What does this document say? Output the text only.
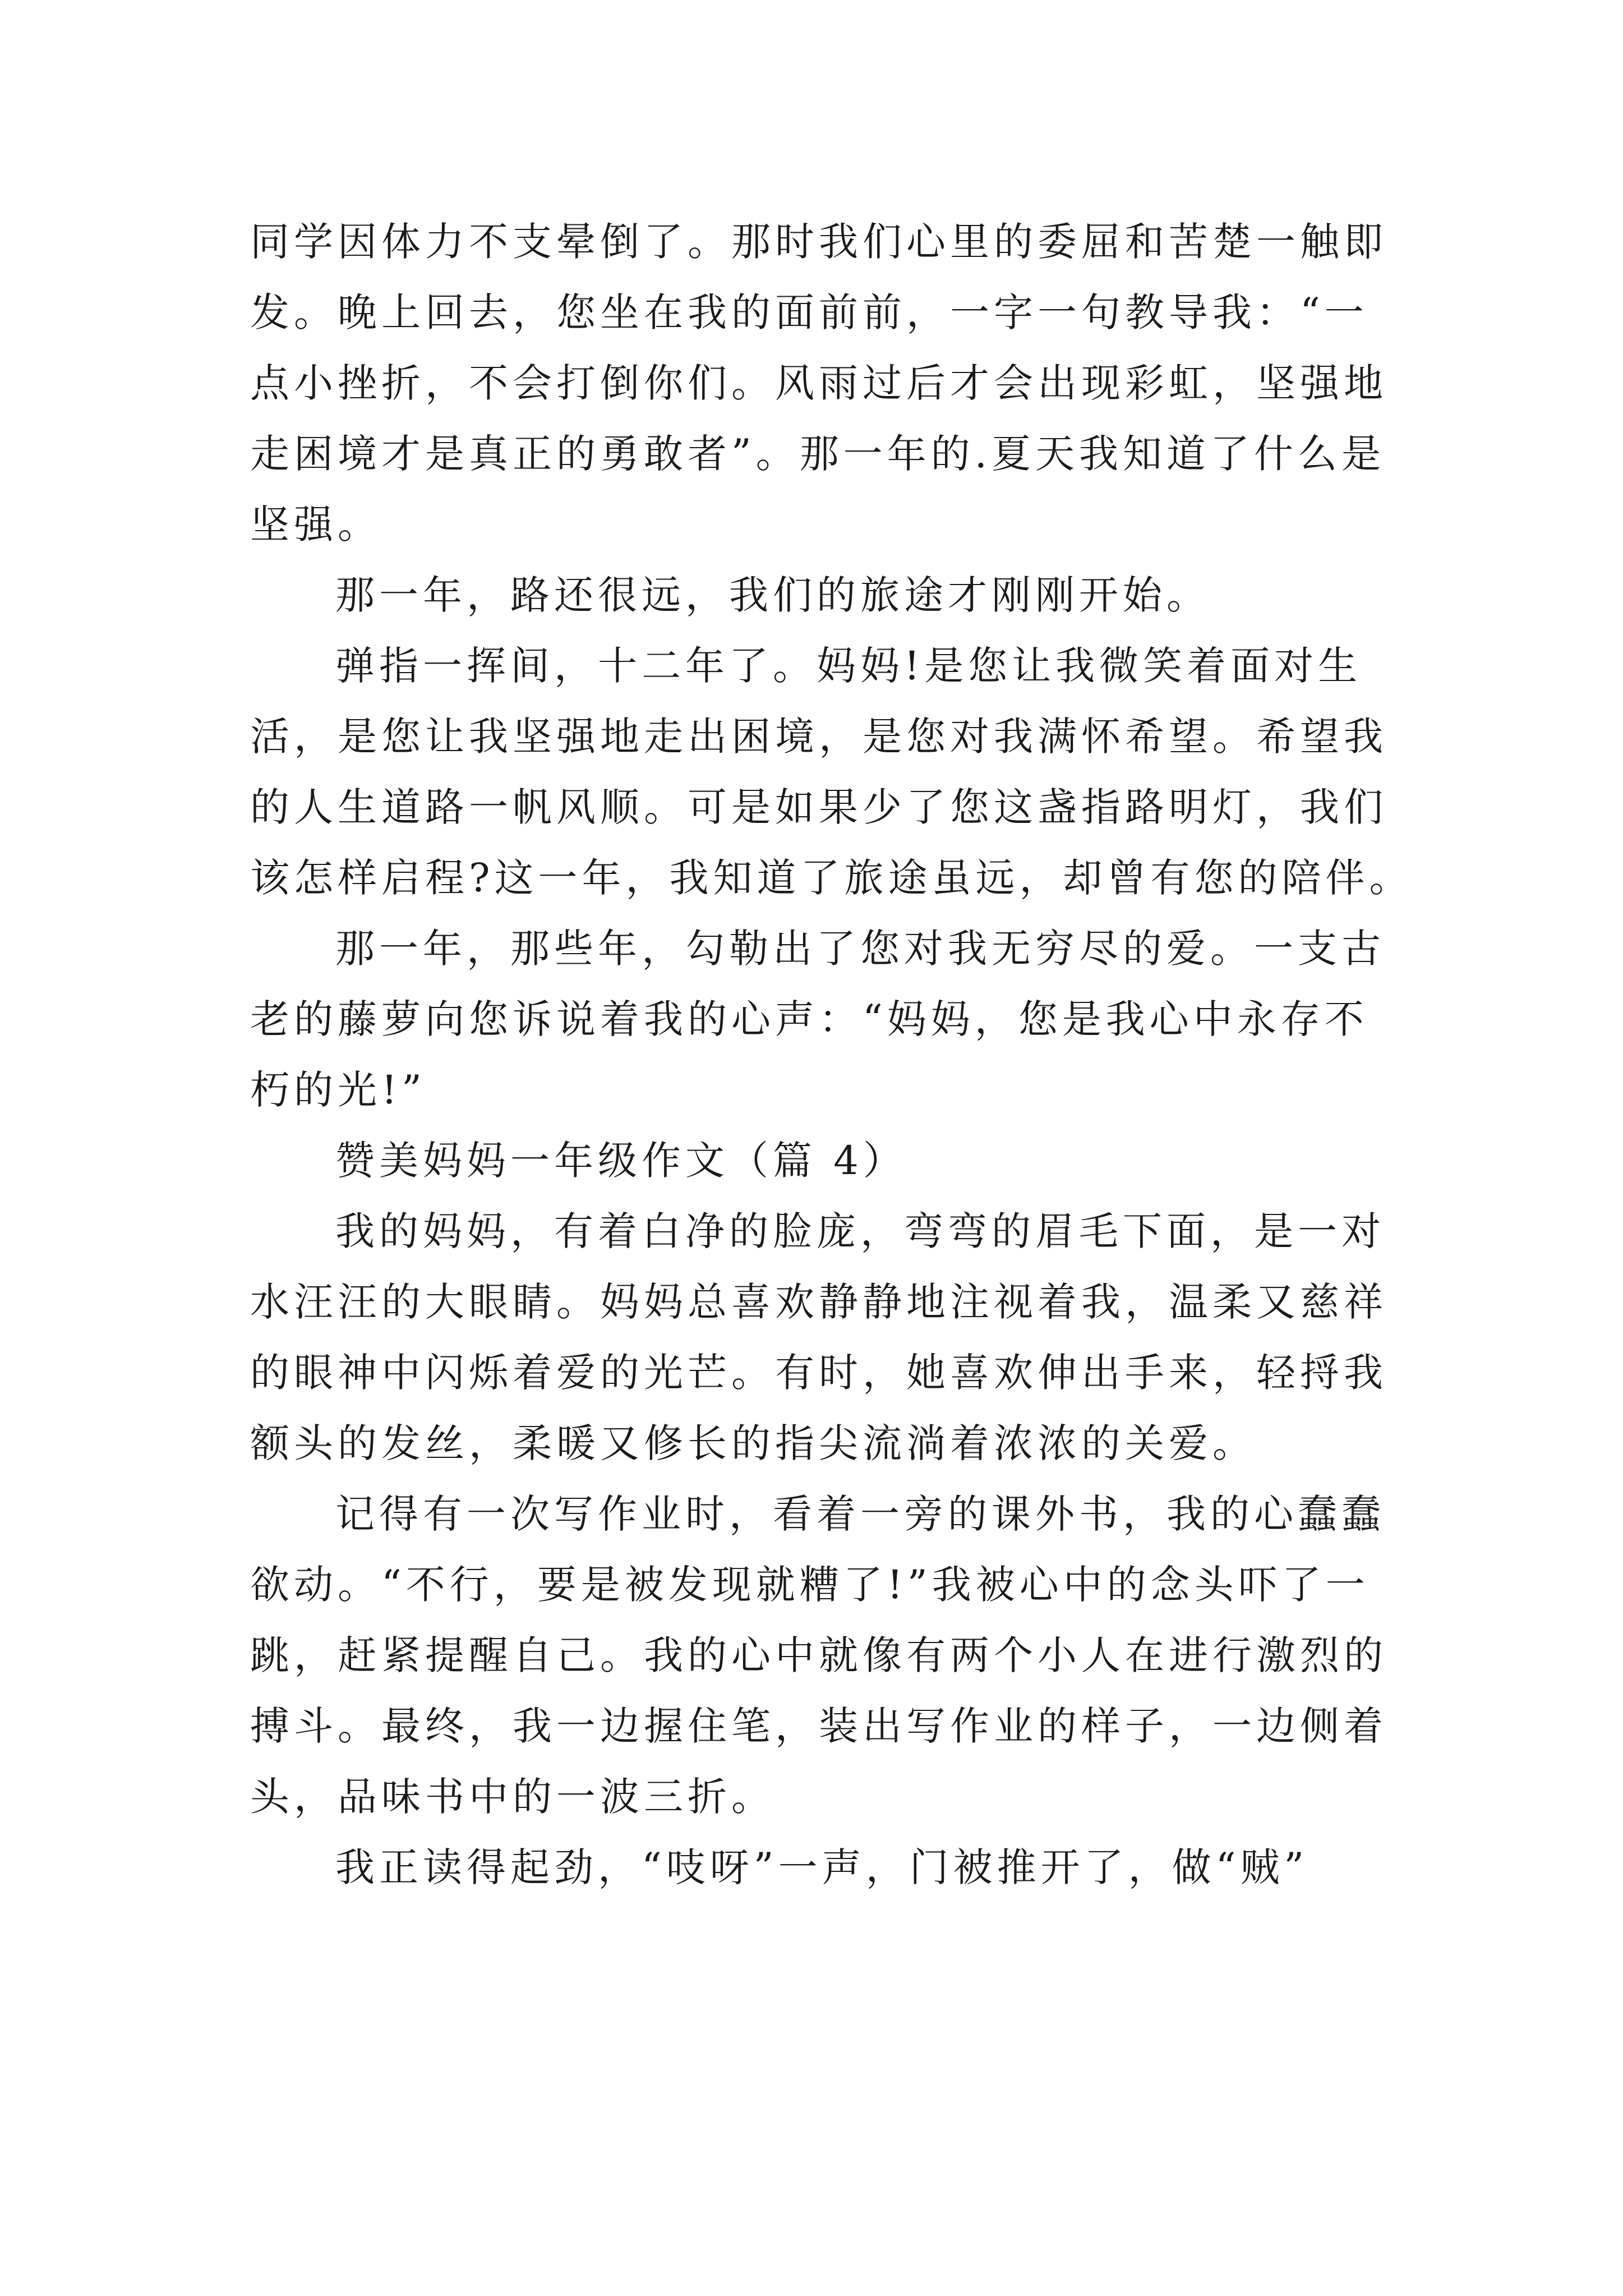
同学因体力不支晕倒了。那时我们心里的委屈和苦楚一触即
发。晚上回去，您坐在我的面前前，一字一句教导我：“一
点小挫折，不会打倒你们。风雨过后才会出现彩虹，坚强地
走困境才是真正的勇敢者”。那一年的.夏天我知道了什么是
坚强。
那一年，路还很远，我们的旅途才刚刚开始。
弹指一挥间，十二年了。妈妈!是您让我微笑着面对生
活，是您让我坚强地走出困境，是您对我满怀希望。希望我
的人生道路一帆风顺。可是如果少了您这盏指路明灯，我们
该怎样启程?这一年，我知道了旅途虽远，却曾有您的陪伴。
那一年，那些年，勾勒出了您对我无穷尽的爱。一支古
老的藤萝向您诉说着我的心声：“妈妈，您是我心中永存不
朽的光!”
赞美妈妈一年级作文（篇 4）
我的妈妈，有着白净的脸庞，弯弯的眉毛下面，是一对
水汪汪的大眼睛。妈妈总喜欢静静地注视着我，温柔又慈祥
的眼神中闪烁着爱的光芒。有时，她喜欢伸出手来，轻捋我
额头的发丝，柔暖又修长的指尖流淌着浓浓的关爱。
记得有一次写作业时，看着一旁的课外书，我的心蠢蠢
欲动。“不行，要是被发现就糟了!”我被心中的念头吓了一
跳，赶紧提醒自己。我的心中就像有两个小人在进行激烈的
搏斗。最终，我一边握住笔，装出写作业的样子，一边侧着
头，品味书中的一波三折。
我正读得起劲，“吱呀”一声，门被推开了，做“贼”
